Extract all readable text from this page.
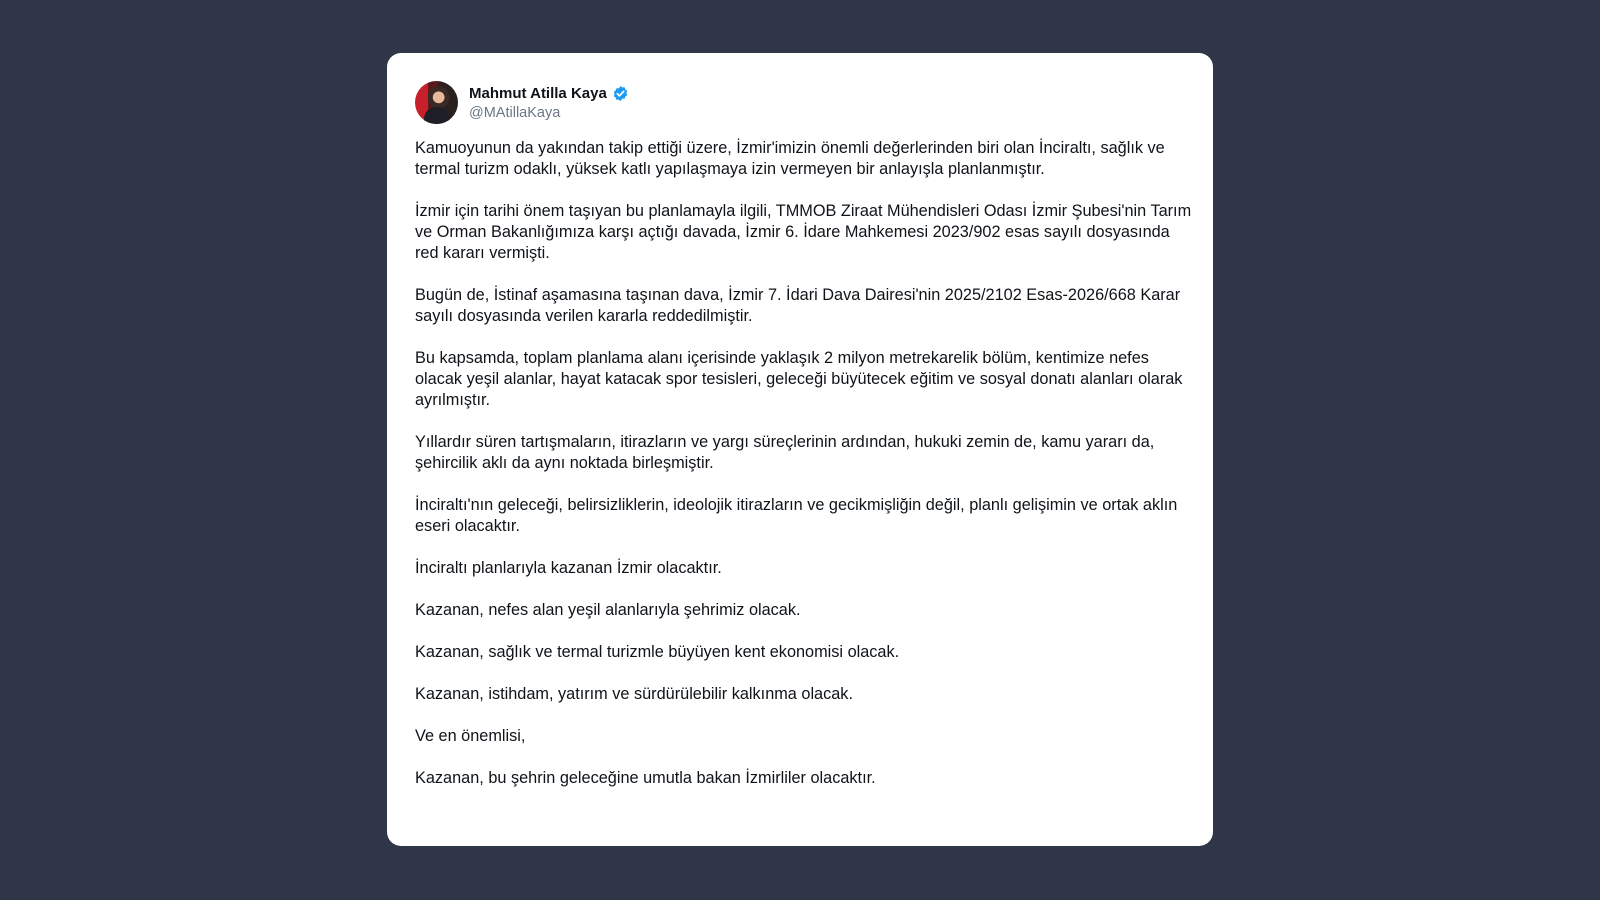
Mahmut Atilla Kaya
@MAtillaKaya

Kamuoyunun da yakından takip ettiği üzere, İzmir'imizin önemli değerlerinden biri olan İnciraltı, sağlık ve termal turizm odaklı, yüksek katlı yapılaşmaya izin vermeyen bir anlayışla planlanmıştır.

İzmir için tarihi önem taşıyan bu planlamayla ilgili, TMMOB Ziraat Mühendisleri Odası İzmir Şubesi'nin Tarım ve Orman Bakanlığımıza karşı açtığı davada, İzmir 6. İdare Mahkemesi 2023/902 esas sayılı dosyasında red kararı vermişti.

Bugün de, İstinaf aşamasına taşınan dava, İzmir 7. İdari Dava Dairesi'nin 2025/2102 Esas-2026/668 Karar sayılı dosyasında verilen kararla reddedilmiştir.

Bu kapsamda, toplam planlama alanı içerisinde yaklaşık 2 milyon metrekarelik bölüm, kentimize nefes olacak yeşil alanlar, hayat katacak spor tesisleri, geleceği büyütecek eğitim ve sosyal donatı alanları olarak ayrılmıştır.

Yıllardır süren tartışmaların, itirazların ve yargı süreçlerinin ardından, hukuki zemin de, kamu yararı da, şehircilik aklı da aynı noktada birleşmiştir.

İnciraltı'nın geleceği, belirsizliklerin, ideolojik itirazların ve gecikmişliğin değil, planlı gelişimin ve ortak aklın eseri olacaktır.

İnciraltı planlarıyla kazanan İzmir olacaktır.

Kazanan, nefes alan yeşil alanlarıyla şehrimiz olacak.

Kazanan, sağlık ve termal turizmle büyüyen kent ekonomisi olacak.

Kazanan, istihdam, yatırım ve sürdürülebilir kalkınma olacak.

Ve en önemlisi,

Kazanan, bu şehrin geleceğine umutla bakan İzmirliler olacaktır.
